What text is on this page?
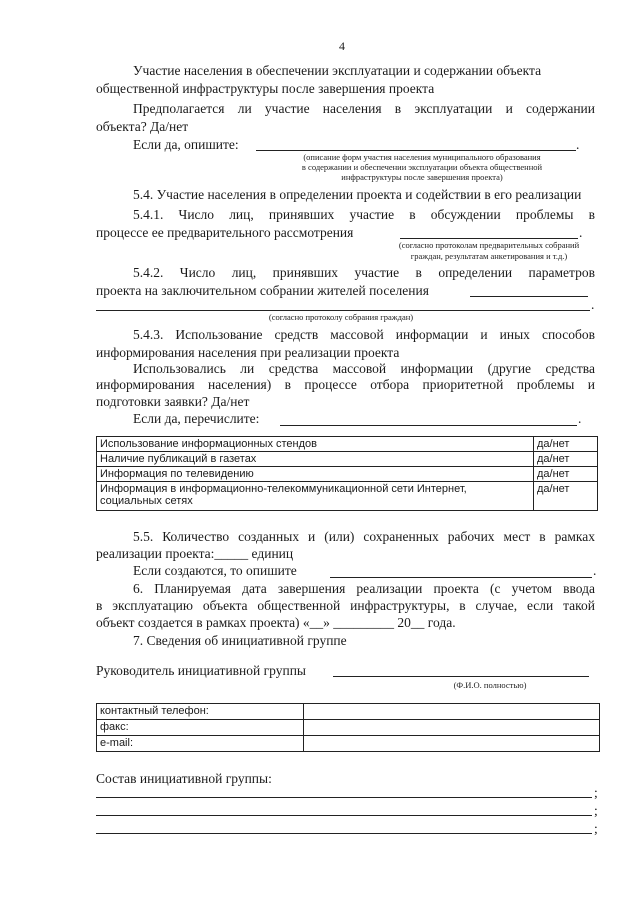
4
Участие населения в обеспечении эксплуатации и содержании объекта
общественной инфраструктуры после завершения проекта
Предполагается ли участие населения в эксплуатации и содержании
объекта? Да/нет
Если да, опишите:	.
(описание форм участия населения муниципального образования
в содержании и обеспечении эксплуатации объекта общественной
инфраструктуры после завершения проекта)
5.4. Участие населения в определении проекта и содействии в его реализации
5.4.1. Число лиц, принявших участие в обсуждении проблемы в
процессе ее предварительного рассмотрения	.
(согласно протоколам предварительных собраний
граждан, результатам анкетирования и т.д.)
5.4.2. Число лиц, принявших участие в определении параметров
проекта на заключительном собрании жителей поселения
.
(согласно протоколу собрания граждан)
5.4.3. Использование средств массовой информации и иных способов
информирования населения при реализации проекта
Использовались ли средства массовой информации (другие средства
информирования населения) в процессе отбора приоритетной проблемы и
подготовки заявки? Да/нет
Если да, перечислите:	.
Использование информационных стендов	да/нет
Наличие публикаций в газетах	да/нет
Информация по телевидению	да/нет
Информация в информационно-телекоммуникационной сети Интернет, социальных сетях	да/нет
5.5. Количество созданных и (или) сохраненных рабочих мест в рамках
реализации проекта:_____ единиц
Если создаются, то опишите	.
6. Планируемая дата завершения реализации проекта (с учетом ввода
в эксплуатацию объекта общественной инфраструктуры, в случае, если такой
объект создается в рамках проекта) «__» _________ 20__ года.
7. Сведения об инициативной группе
Руководитель инициативной группы
(Ф.И.О. полностью)
контактный телефон:	
факс:	
e-mail:	
Состав инициативной группы:
;
;
;
